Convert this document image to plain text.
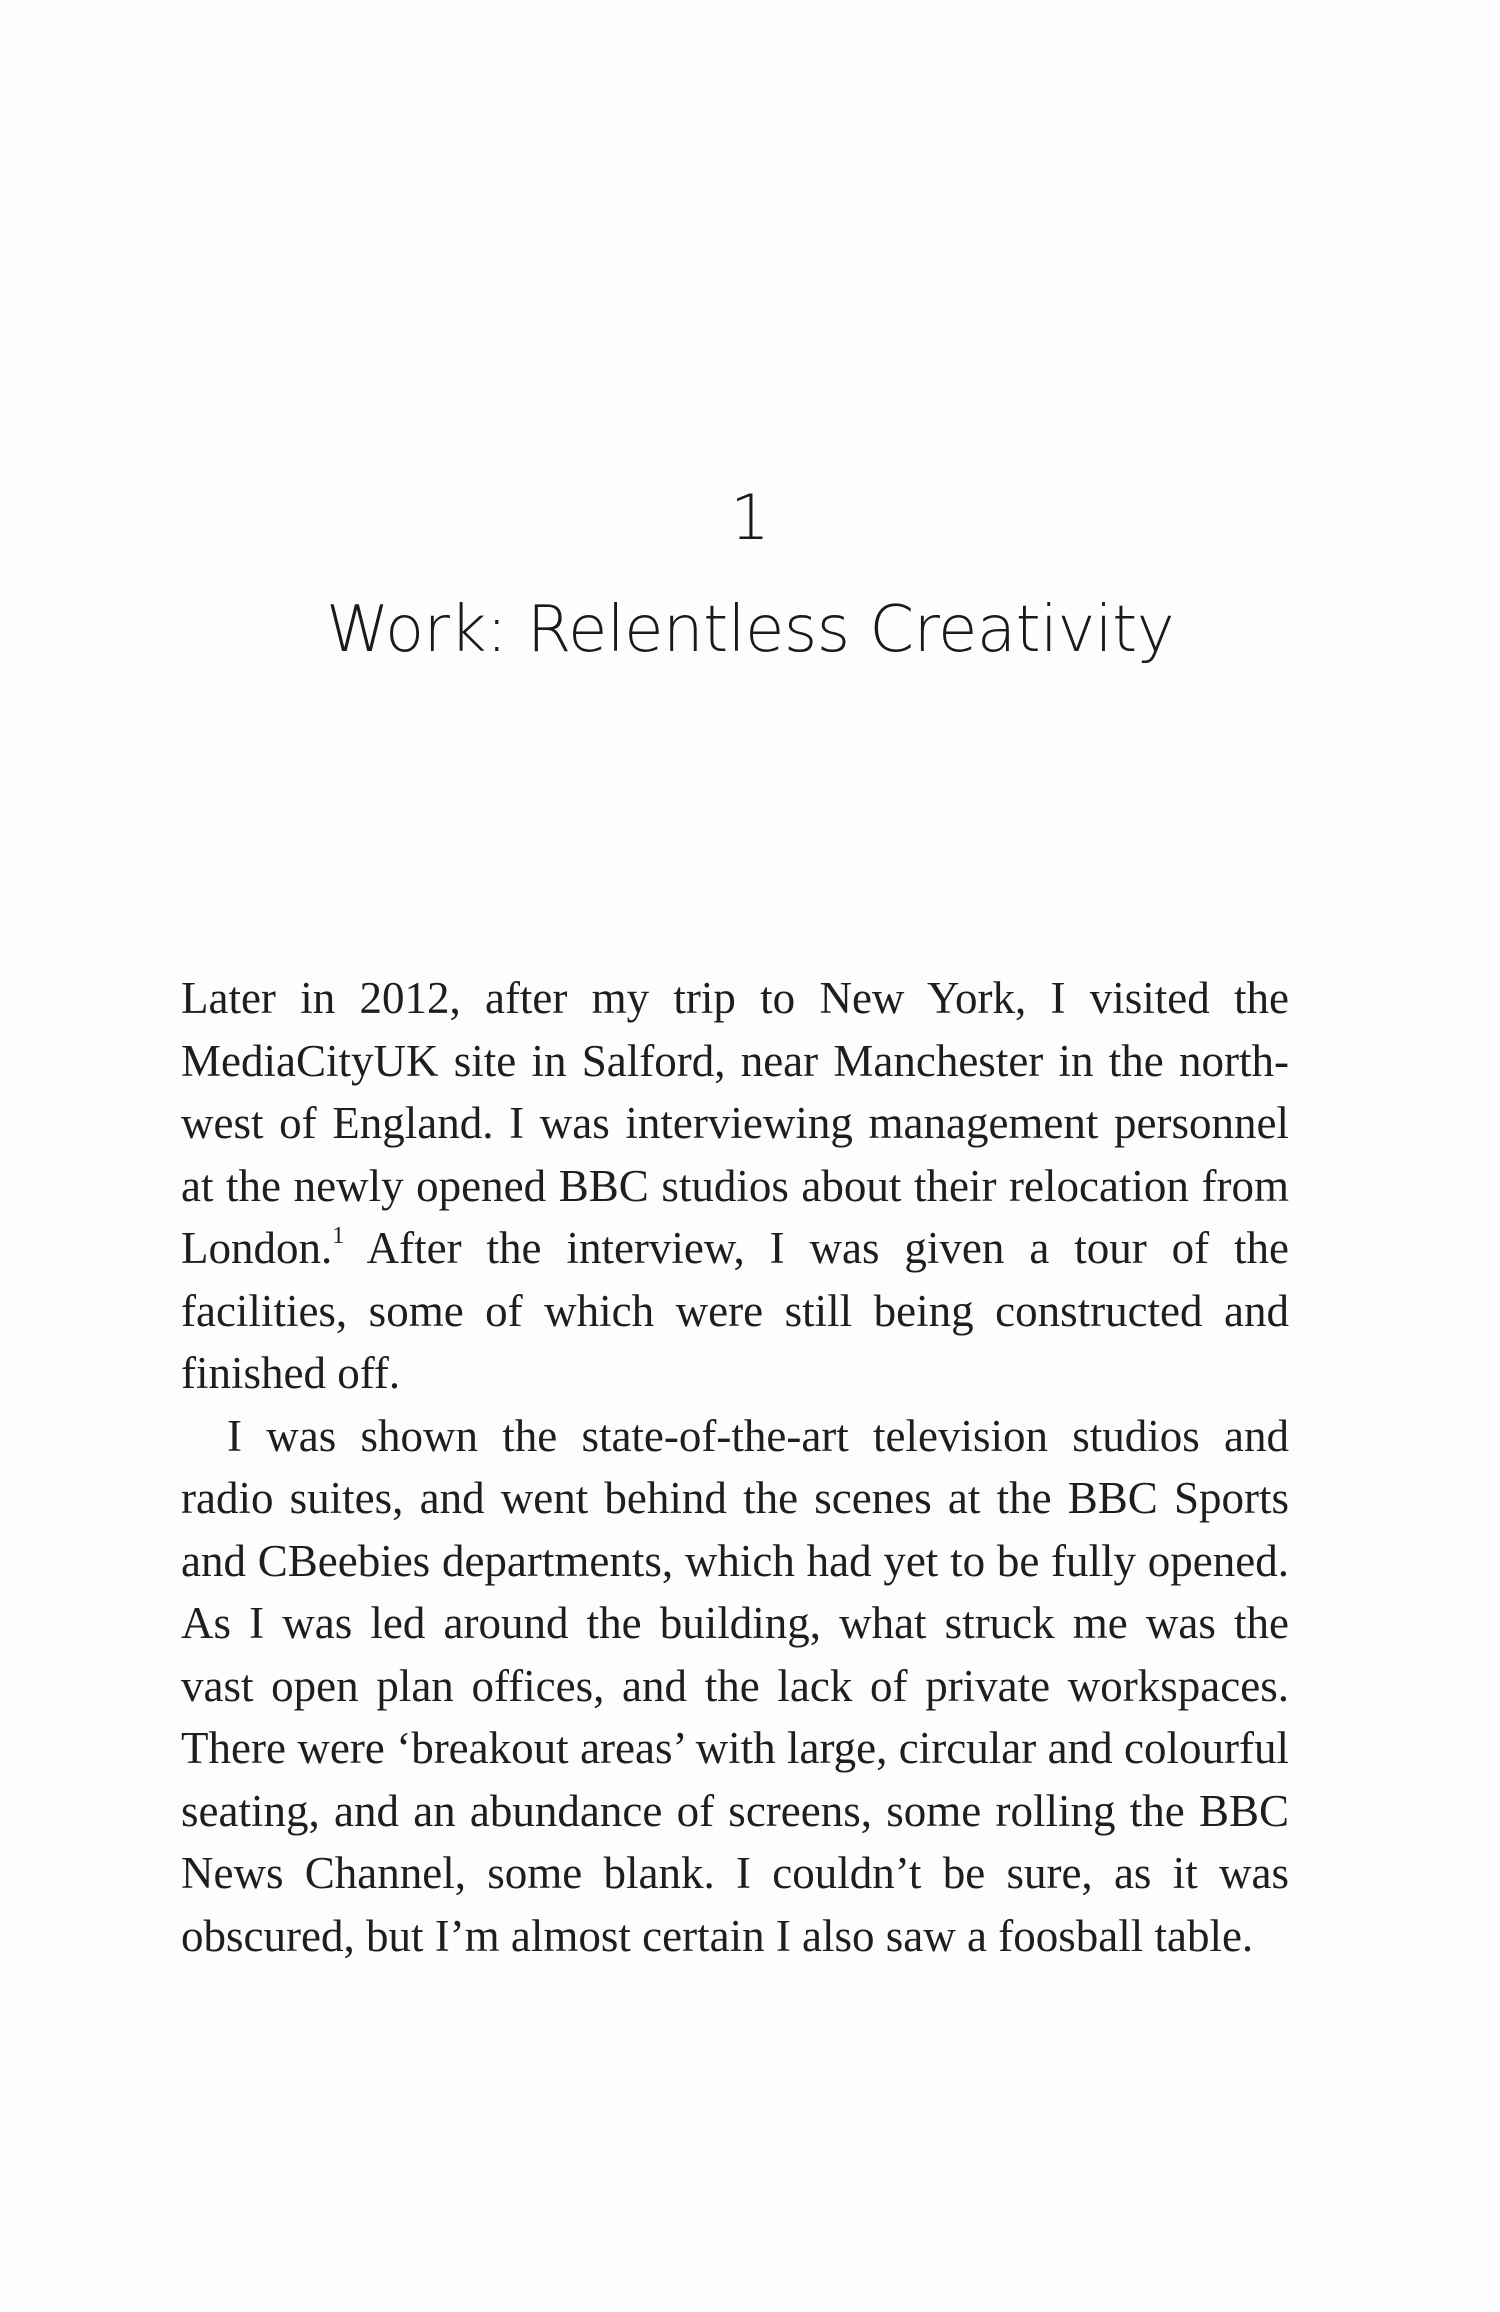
1
Work: Relentless Creativity

Later in 2012, after my trip to New York, I visited the MediaCityUK site in Salford, near Manchester in the northwest of England. I was interviewing management personnel at the newly opened BBC studios about their relocation from London.$^1$ After the interview, I was given a tour of the facilities, some of which were still being constructed and finished off.

I was shown the state-of-the-art television studios and radio suites, and went behind the scenes at the BBC Sports and CBeebies departments, which had yet to be fully opened. As I was led around the building, what struck me was the vast open plan offices, and the lack of private workspaces. There were ‘breakout areas’ with large, circular and colourful seating, and an abundance of screens, some rolling the BBC News Channel, some blank. I couldn’t be sure, as it was obscured, but I’m almost certain I also saw a foosball table.
